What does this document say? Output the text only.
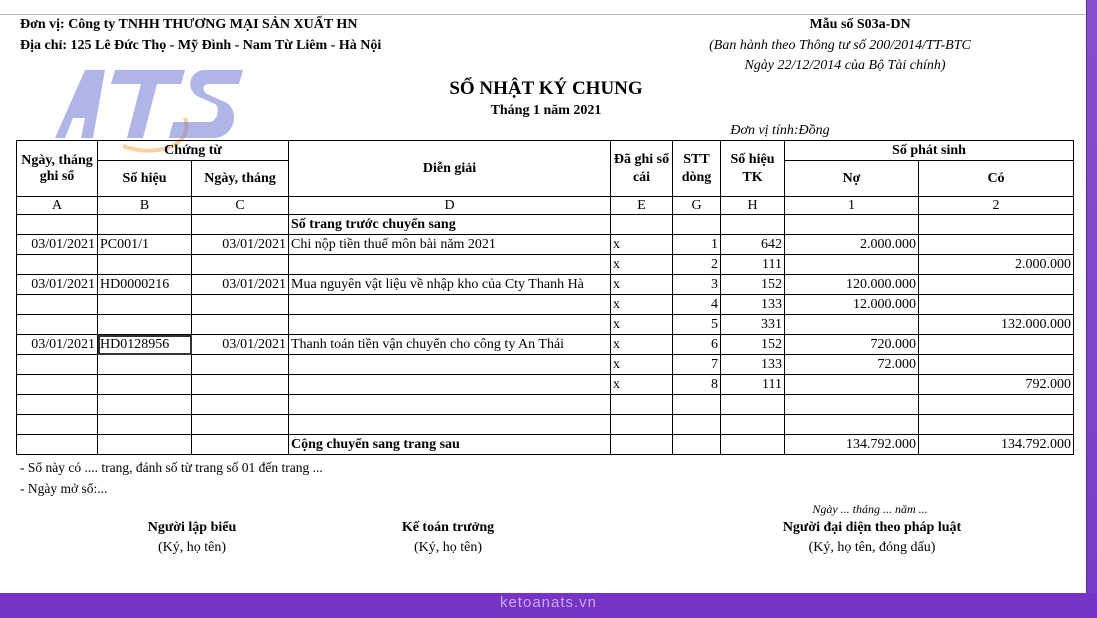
Đơn vị: Công ty TNHH THƯƠNG MẠI SẢN XUẤT HN
Địa chỉ: 125 Lê Đức Thọ - Mỹ Đình - Nam Từ Liêm - Hà Nội
Mẫu số S03a-DN
(Ban hành theo Thông tư số 200/2014/TT-BTC
Ngày 22/12/2014 của Bộ Tài chính)
SỔ NHẬT KÝ CHUNG
Tháng 1 năm 2021
Đơn vị tính:Đồng
Ngày, tháng ghi sổ	Chứng từ		Diễn giải	Đã ghi sổ cái	STT dòng	Số hiệu TK	Số phát sinh	
	Số hiệu	Ngày, tháng					Nợ	Có
A	B	C	D	E	G	H	1	2
			Số trang trước chuyển sang					
03/01/2021	PC001/1	03/01/2021	Chi nộp tiền thuế môn bài năm 2021	x	1	642	2.000.000	
				x	2	111		2.000.000
03/01/2021	HD0000216	03/01/2021	Mua nguyên vật liệu về nhập kho của Cty Thanh Hà	x	3	152	120.000.000	
				x	4	133	12.000.000	
				x	5	331		132.000.000
03/01/2021	HD0128956	03/01/2021	Thanh toán tiền vận chuyển cho công ty An Thái	x	6	152	720.000	
				x	7	133	72.000	
				x	8	111		792.000

			Cộng chuyển sang trang sau				134.792.000	134.792.000
- Sổ này có .... trang, đánh số từ trang số 01 đến trang ...
- Ngày mở sổ:...
Ngày ... tháng ... năm ...
Người lập biểu
(Ký, họ tên)
Kế toán trưởng
(Ký, họ tên)
Người đại diện theo pháp luật
(Ký, họ tên, đóng dấu)
ketoanats.vn
